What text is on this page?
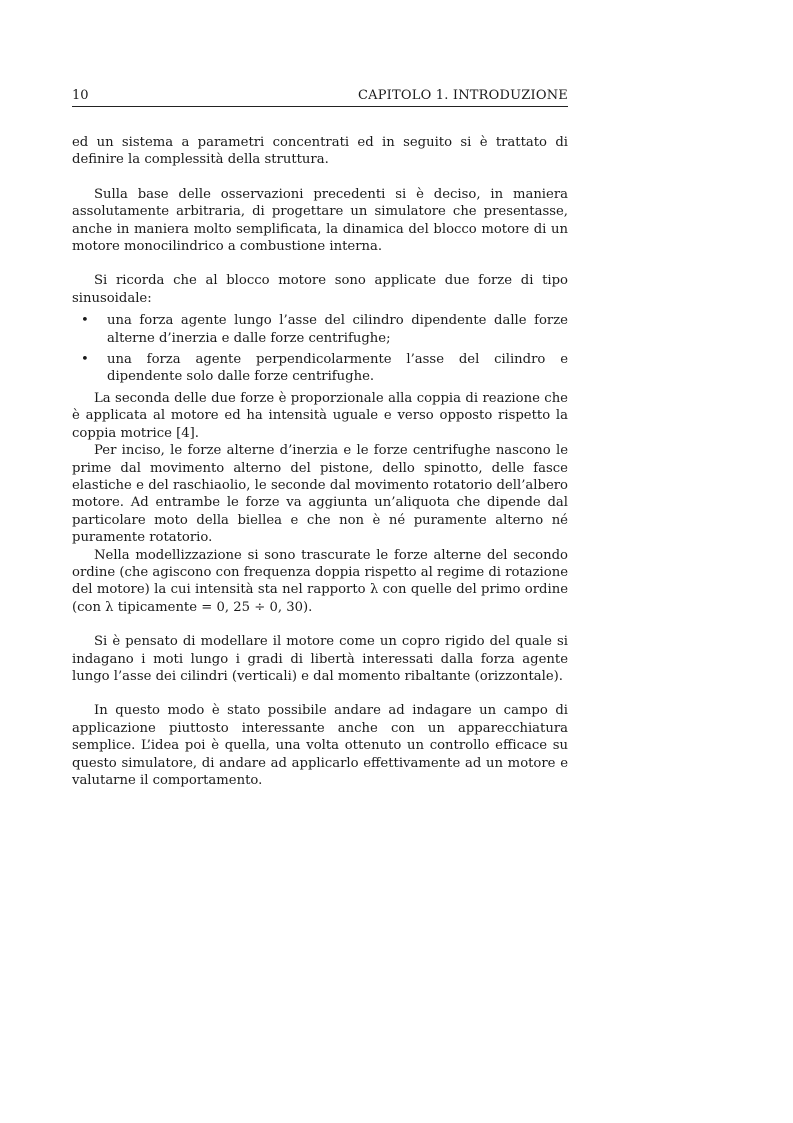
10	CAPITOLO 1. INTRODUZIONE

ed un sistema a parametri concentrati ed in seguito si è trattato di definire la complessità della struttura.

Sulla base delle osservazioni precedenti si è deciso, in maniera assolutamente arbitraria, di progettare un simulatore che presentasse, anche in maniera molto semplificata, la dinamica del blocco motore di un motore monocilindrico a combustione interna.

Si ricorda che al blocco motore sono applicate due forze di tipo sinusoidale:

• una forza agente lungo l’asse del cilindro dipendente dalle forze alterne d’inerzia e dalle forze centrifughe;
• una forza agente perpendicolarmente l’asse del cilindro e dipendente solo dalle forze centrifughe.

La seconda delle due forze è proporzionale alla coppia di reazione che è applicata al motore ed ha intensità uguale e verso opposto rispetto la coppia motrice [4].

Per inciso, le forze alterne d’inerzia e le forze centrifughe nascono le prime dal movimento alterno del pistone, dello spinotto, delle fasce elastiche e del raschiaolio, le seconde dal movimento rotatorio dell’albero motore. Ad entrambe le forze va aggiunta un’aliquota che dipende dal particolare moto della biellea e che non è né puramente alterno né puramente rotatorio.

Nella modellizzazione si sono trascurate le forze alterne del secondo ordine (che agiscono con frequenza doppia rispetto al regime di rotazione del motore) la cui intensità sta nel rapporto λ con quelle del primo ordine (con λ tipicamente = 0, 25 ÷ 0, 30).

Si è pensato di modellare il motore come un copro rigido del quale si indagano i moti lungo i gradi di libertà interessati dalla forza agente lungo l’asse dei cilindri (verticali) e dal momento ribaltante (orizzontale).

In questo modo è stato possibile andare ad indagare un campo di applicazione piuttosto interessante anche con un apparecchiatura semplice. L’idea poi è quella, una volta ottenuto un controllo efficace su questo simulatore, di andare ad applicarlo effettivamente ad un motore e valutarne il comportamento.
